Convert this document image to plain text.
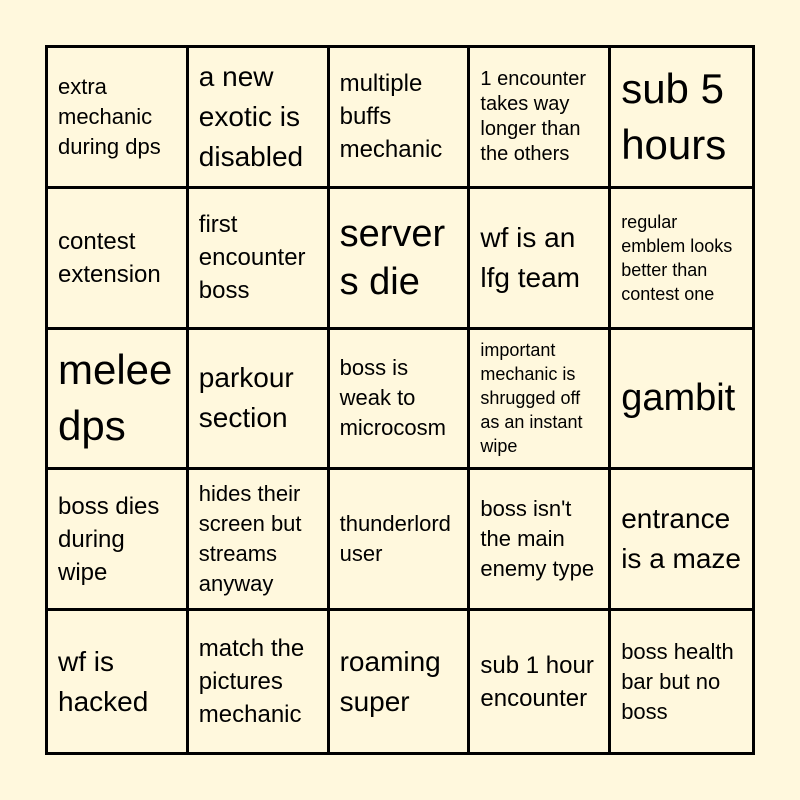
extra mechanic during dps
a new exotic is disabled
multiple buffs mechanic
1 encounter takes way longer than the others
sub 5 hours
contest extension
first encounter boss
servers die
wf is an lfg team
regular emblem looks better than contest one
melee dps
parkour section
boss is weak to microcosm
important mechanic is shrugged off as an instant wipe
gambit
boss dies during wipe
hides their screen but streams anyway
thunderlord user
boss isn't the main enemy type
entrance is a maze
wf is hacked
match the pictures mechanic
roaming super
sub 1 hour encounter
boss health bar but no boss
